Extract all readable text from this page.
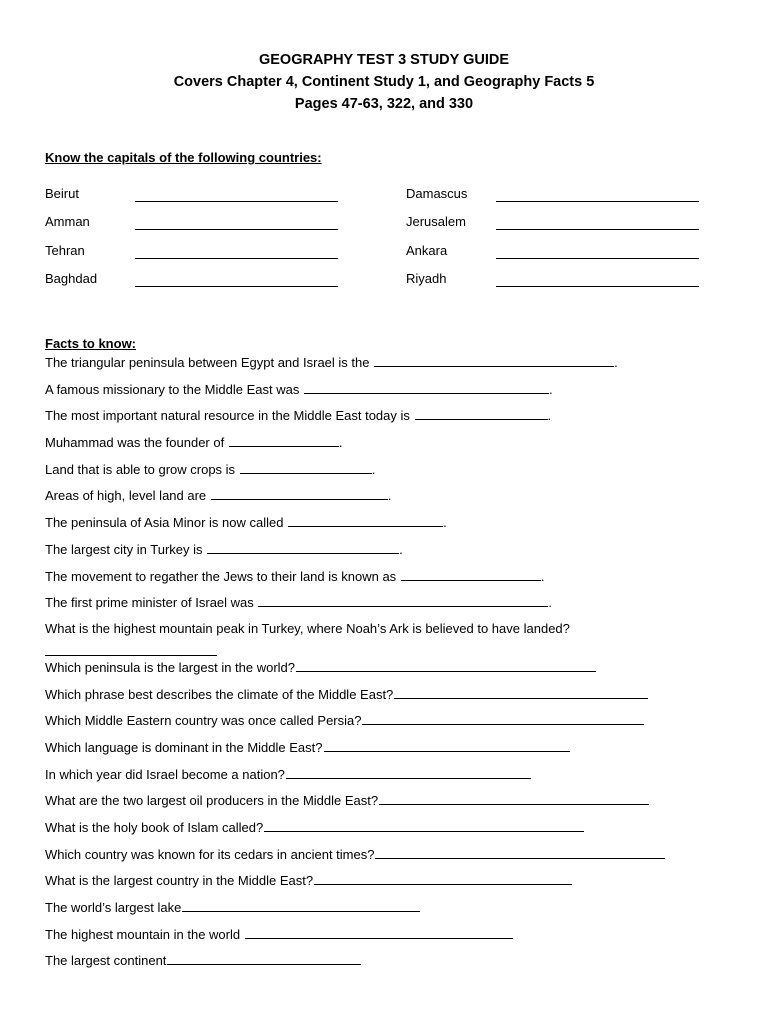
GEOGRAPHY TEST 3 STUDY GUIDE
Covers Chapter 4, Continent Study 1, and Geography Facts 5
Pages 47-63, 322, and 330
Know the capitals of the following countries:
Beirut	Damascus
Amman	Jerusalem
Tehran	Ankara
Baghdad	Riyadh
Facts to know:
The triangular peninsula between Egypt and Israel is the	.
A famous missionary to the Middle East was	.
The most important natural resource in the Middle East today is	.
Muhammad was the founder of	.
Land that is able to grow crops is	.
Areas of high, level land are	.
The peninsula of Asia Minor is now called	.
The largest city in Turkey is	.
The movement to regather the Jews to their land is known as	.
The first prime minister of Israel was	.
What is the highest mountain peak in Turkey, where Noah’s Ark is believed to have landed?
Which peninsula is the largest in the world?
Which phrase best describes the climate of the Middle East?
Which Middle Eastern country was once called Persia?
Which language is dominant in the Middle East?
In which year did Israel become a nation?
What are the two largest oil producers in the Middle East?
What is the holy book of Islam called?
Which country was known for its cedars in ancient times?
What is the largest country in the Middle East?
The world’s largest lake
The highest mountain in the world
The largest continent
